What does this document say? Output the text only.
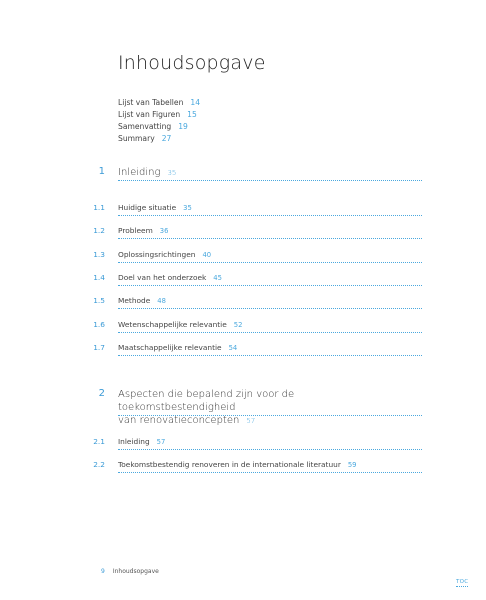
Inhoudsopgave
Lijst van Tabellen 14
Lijst van Figuren 15
Samenvatting 19
Summary 27
1 Inleiding 35
1.1 Huidige situatie 35
1.2 Probleem 36
1.3 Oplossingsrichtingen 40
1.4 Doel van het onderzoek 45
1.5 Methode 48
1.6 Wetenschappelijke relevantie 52
1.7 Maatschappelijke relevantie 54
2 Aspecten die bepalend zijn voor de toekomstbestendigheid
van renovatieconcepten 57
2.1 Inleiding 57
2.2 Toekomstbestendig renoveren in de internationale literatuur 59
9 Inhoudsopgave
TOC
